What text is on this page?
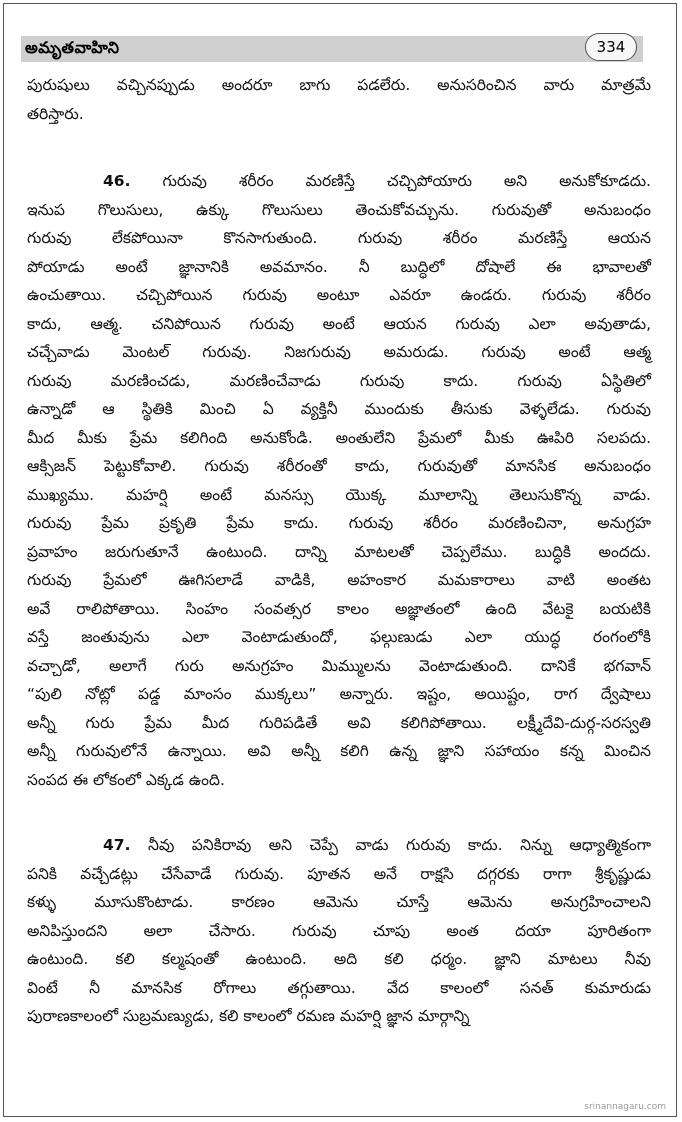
అమృతవాహిని	334
పురుషులు వచ్చినప్పుడు అందరూ బాగు పడలేరు. అనుసరించిన వారు మాత్రమే
తరిస్తారు.
46. గురువు శరీరం మరణిస్తే చచ్చిపోయారు అని అనుకోకూడదు.
ఇనుప గొలుసులు, ఉక్కు గొలుసులు తెంచుకోవచ్చును. గురువుతో అనుబంధం
గురువు లేకపోయినా కొనసాగుతుంది. గురువు శరీరం మరణిస్తే ఆయన
పోయాడు అంటే జ్ఞానానికి అవమానం. నీ బుద్ధిలో దోషాలే ఈ భావాలతో
ఉంచుతాయి. చచ్చిపోయిన గురువు అంటూ ఎవరూ ఉండరు. గురువు శరీరం
కాదు, ఆత్మ. చనిపోయిన గురువు అంటే ఆయన గురువు ఎలా అవుతాడు,
చచ్చేవాడు మెంటల్ గురువు. నిజగురువు అమరుడు. గురువు అంటే ఆత్మ
గురువు మరణించడు, మరణించేవాడు గురువు కాదు. గురువు ఏస్థితిలో
ఉన్నాడో ఆ స్థితికి మించి ఏ వ్యక్తినీ ముందుకు తీసుకు వెళ్ళలేడు. గురువు
మీద మీకు ప్రేమ కలిగింది అనుకోండి. అంతులేని ప్రేమలో మీకు ఊపిరి సలపదు.
ఆక్సిజన్ పెట్టుకోవాలి. గురువు శరీరంతో కాదు, గురువుతో మానసిక అనుబంధం
ముఖ్యము. మహర్షి అంటే మనస్సు యొక్క మూలాన్ని తెలుసుకొన్న వాడు.
గురువు ప్రేమ ప్రకృతి ప్రేమ కాదు. గురువు శరీరం మరణించినా, అనుగ్రహ
ప్రవాహం జరుగుతూనే ఉంటుంది. దాన్ని మాటలతో చెప్పలేము. బుద్ధికి అందదు.
గురువు ప్రేమలో ఊగిసలాడే వాడికి, అహంకార మమకారాలు వాటి అంతట
అవే రాలిపోతాయి. సింహం సంవత్సర కాలం అజ్ఞాతంలో ఉంది వేటకై బయటికి
వస్తే జంతువును ఎలా వెంటాడుతుందో, ఫల్గుణుడు ఎలా యుద్ధ రంగంలోకి
వచ్చాడో, అలాగే గురు అనుగ్రహం మిమ్ములను వెంటాడుతుంది. దానికే భగవాన్
“పులి నోట్లో పడ్డ మాంసం ముక్కలు” అన్నారు. ఇష్టం, అయిష్టం, రాగ ద్వేషాలు
అన్నీ గురు ప్రేమ మీద గురిపడితే అవి కలిగిపోతాయి. లక్ష్మీదేవి-దుర్గ-సరస్వతి
అన్నీ గురువులోనే ఉన్నాయి. అవి అన్నీ కలిగి ఉన్న జ్ఞాని సహాయం కన్న మించిన
సంపద ఈ లోకంలో ఎక్కడ ఉంది.
47. నీవు పనికిరావు అని చెప్పే వాడు గురువు కాదు. నిన్ను ఆధ్యాత్మికంగా
పనికి వచ్చేడట్లు చేసేవాడే గురువు. పూతన అనే రాక్షసి దగ్గరకు రాగా శ్రీకృష్ణుడు
కళ్ళు మూసుకొంటాడు. కారణం ఆమెను చూస్తే ఆమెను అనుగ్రహించాలని
అనిపిస్తుందని అలా చేసారు. గురువు చూపు అంత దయా పూరితంగా
ఉంటుంది. కలి కల్మషంతో ఉంటుంది. అది కలి ధర్మం. జ్ఞాని మాటలు నీవు
వింటే నీ మానసిక రోగాలు తగ్గుతాయి. వేద కాలంలో సనత్ కుమారుడు
పురాణకాలంలో సుబ్రమణ్యుడు, కలి కాలంలో రమణ మహర్షి జ్ఞాన మార్గాన్ని
srinannagaru.com
